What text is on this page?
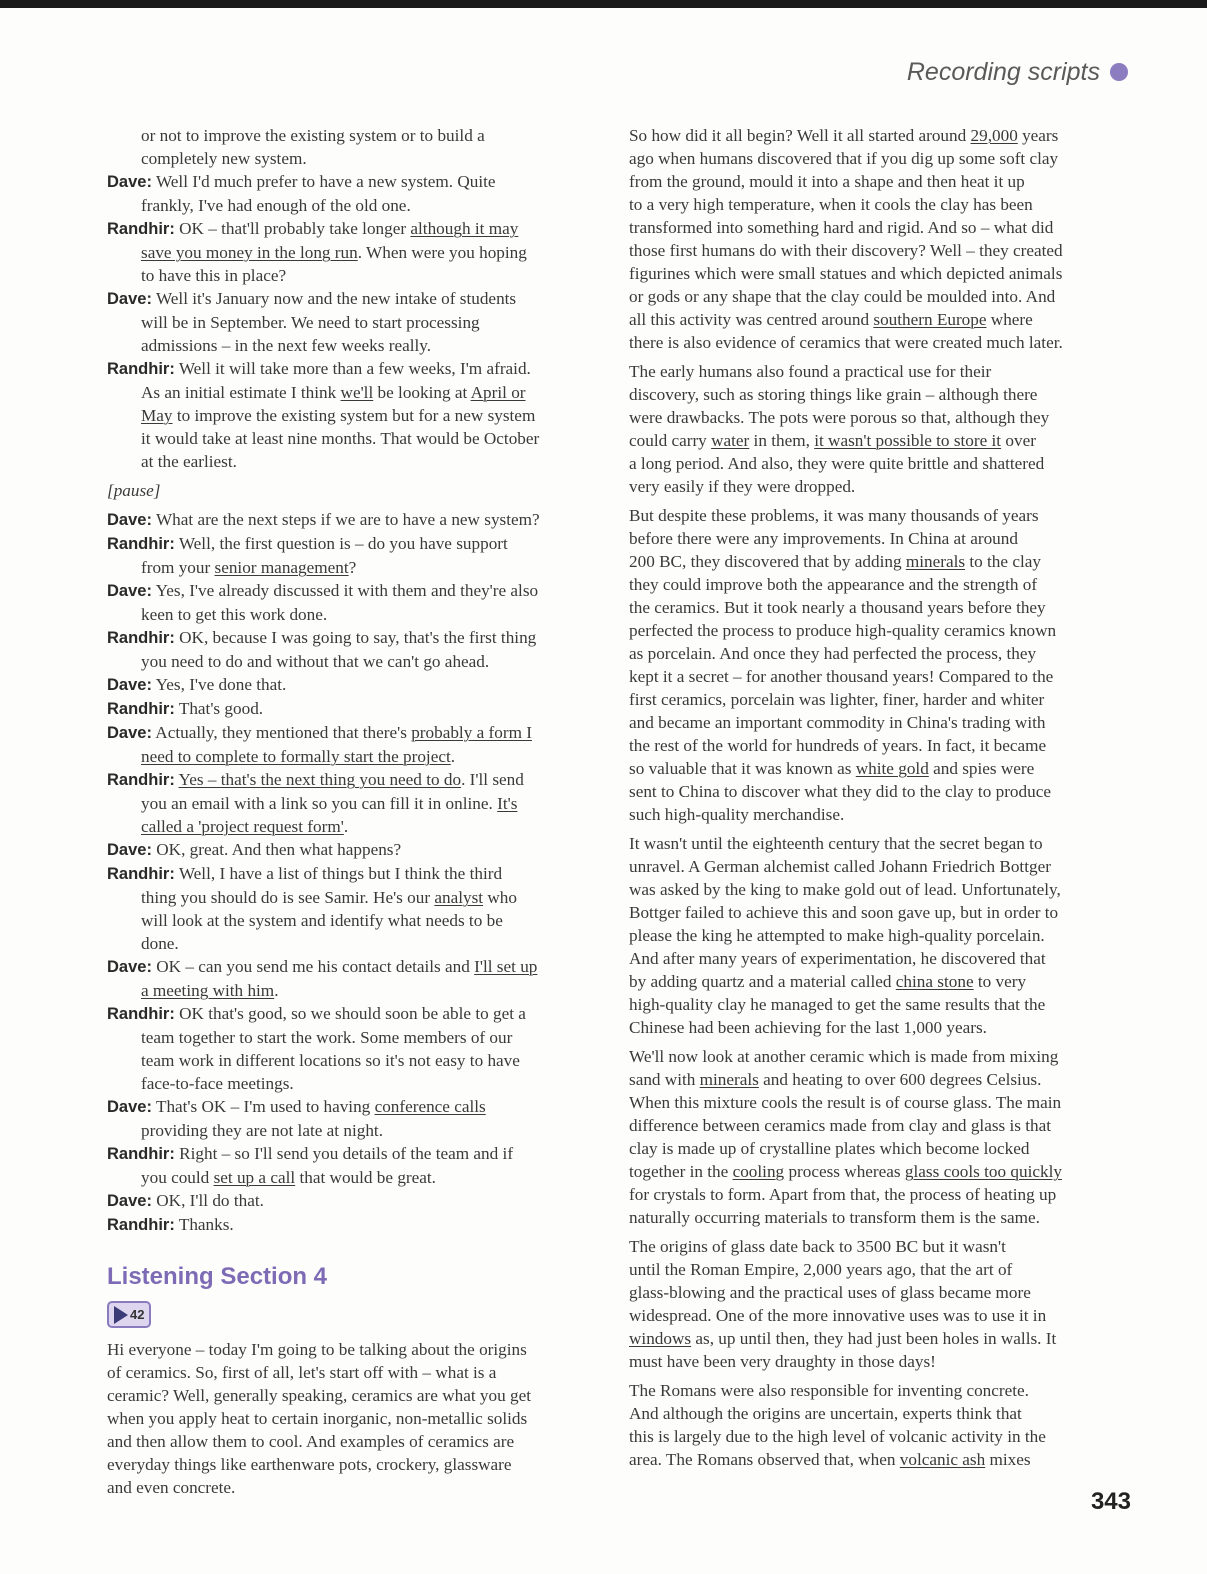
Recording scripts
or not to improve the existing system or to build a
completely new system.
Dave: Well I'd much prefer to have a new system. Quite
frankly, I've had enough of the old one.
Randhir: OK – that'll probably take longer although it may
save you money in the long run. When were you hoping
to have this in place?
Dave: Well it's January now and the new intake of students
will be in September. We need to start processing
admissions – in the next few weeks really.
Randhir: Well it will take more than a few weeks, I'm afraid.
As an initial estimate I think we'll be looking at April or
May to improve the existing system but for a new system
it would take at least nine months. That would be October
at the earliest.
[pause]
Dave: What are the next steps if we are to have a new system?
Randhir: Well, the first question is – do you have support
from your senior management?
Dave: Yes, I've already discussed it with them and they're also
keen to get this work done.
Randhir: OK, because I was going to say, that's the first thing
you need to do and without that we can't go ahead.
Dave: Yes, I've done that.
Randhir: That's good.
Dave: Actually, they mentioned that there's probably a form I
need to complete to formally start the project.
Randhir: Yes – that's the next thing you need to do. I'll send
you an email with a link so you can fill it in online. It's
called a 'project request form'.
Dave: OK, great. And then what happens?
Randhir: Well, I have a list of things but I think the third
thing you should do is see Samir. He's our analyst who
will look at the system and identify what needs to be
done.
Dave: OK – can you send me his contact details and I'll set up
a meeting with him.
Randhir: OK that's good, so we should soon be able to get a
team together to start the work. Some members of our
team work in different locations so it's not easy to have
face-to-face meetings.
Dave: That's OK – I'm used to having conference calls
providing they are not late at night.
Randhir: Right – so I'll send you details of the team and if
you could set up a call that would be great.
Dave: OK, I'll do that.
Randhir: Thanks.
Listening Section 4
42
Hi everyone – today I'm going to be talking about the origins
of ceramics. So, first of all, let's start off with – what is a
ceramic? Well, generally speaking, ceramics are what you get
when you apply heat to certain inorganic, non-metallic solids
and then allow them to cool. And examples of ceramics are
everyday things like earthenware pots, crockery, glassware
and even concrete.
So how did it all begin? Well it all started around 29,000 years
ago when humans discovered that if you dig up some soft clay
from the ground, mould it into a shape and then heat it up
to a very high temperature, when it cools the clay has been
transformed into something hard and rigid. And so – what did
those first humans do with their discovery? Well – they created
figurines which were small statues and which depicted animals
or gods or any shape that the clay could be moulded into. And
all this activity was centred around southern Europe where
there is also evidence of ceramics that were created much later.
The early humans also found a practical use for their
discovery, such as storing things like grain – although there
were drawbacks. The pots were porous so that, although they
could carry water in them, it wasn't possible to store it over
a long period. And also, they were quite brittle and shattered
very easily if they were dropped.
But despite these problems, it was many thousands of years
before there were any improvements. In China at around
200 BC, they discovered that by adding minerals to the clay
they could improve both the appearance and the strength of
the ceramics. But it took nearly a thousand years before they
perfected the process to produce high-quality ceramics known
as porcelain. And once they had perfected the process, they
kept it a secret – for another thousand years! Compared to the
first ceramics, porcelain was lighter, finer, harder and whiter
and became an important commodity in China's trading with
the rest of the world for hundreds of years. In fact, it became
so valuable that it was known as white gold and spies were
sent to China to discover what they did to the clay to produce
such high-quality merchandise.
It wasn't until the eighteenth century that the secret began to
unravel. A German alchemist called Johann Friedrich Bottger
was asked by the king to make gold out of lead. Unfortunately,
Bottger failed to achieve this and soon gave up, but in order to
please the king he attempted to make high-quality porcelain.
And after many years of experimentation, he discovered that
by adding quartz and a material called china stone to very
high-quality clay he managed to get the same results that the
Chinese had been achieving for the last 1,000 years.
We'll now look at another ceramic which is made from mixing
sand with minerals and heating to over 600 degrees Celsius.
When this mixture cools the result is of course glass. The main
difference between ceramics made from clay and glass is that
clay is made up of crystalline plates which become locked
together in the cooling process whereas glass cools too quickly
for crystals to form. Apart from that, the process of heating up
naturally occurring materials to transform them is the same.
The origins of glass date back to 3500 BC but it wasn't
until the Roman Empire, 2,000 years ago, that the art of
glass-blowing and the practical uses of glass became more
widespread. One of the more innovative uses was to use it in
windows as, up until then, they had just been holes in walls. It
must have been very draughty in those days!
The Romans were also responsible for inventing concrete.
And although the origins are uncertain, experts think that
this is largely due to the high level of volcanic activity in the
area. The Romans observed that, when volcanic ash mixes
343
